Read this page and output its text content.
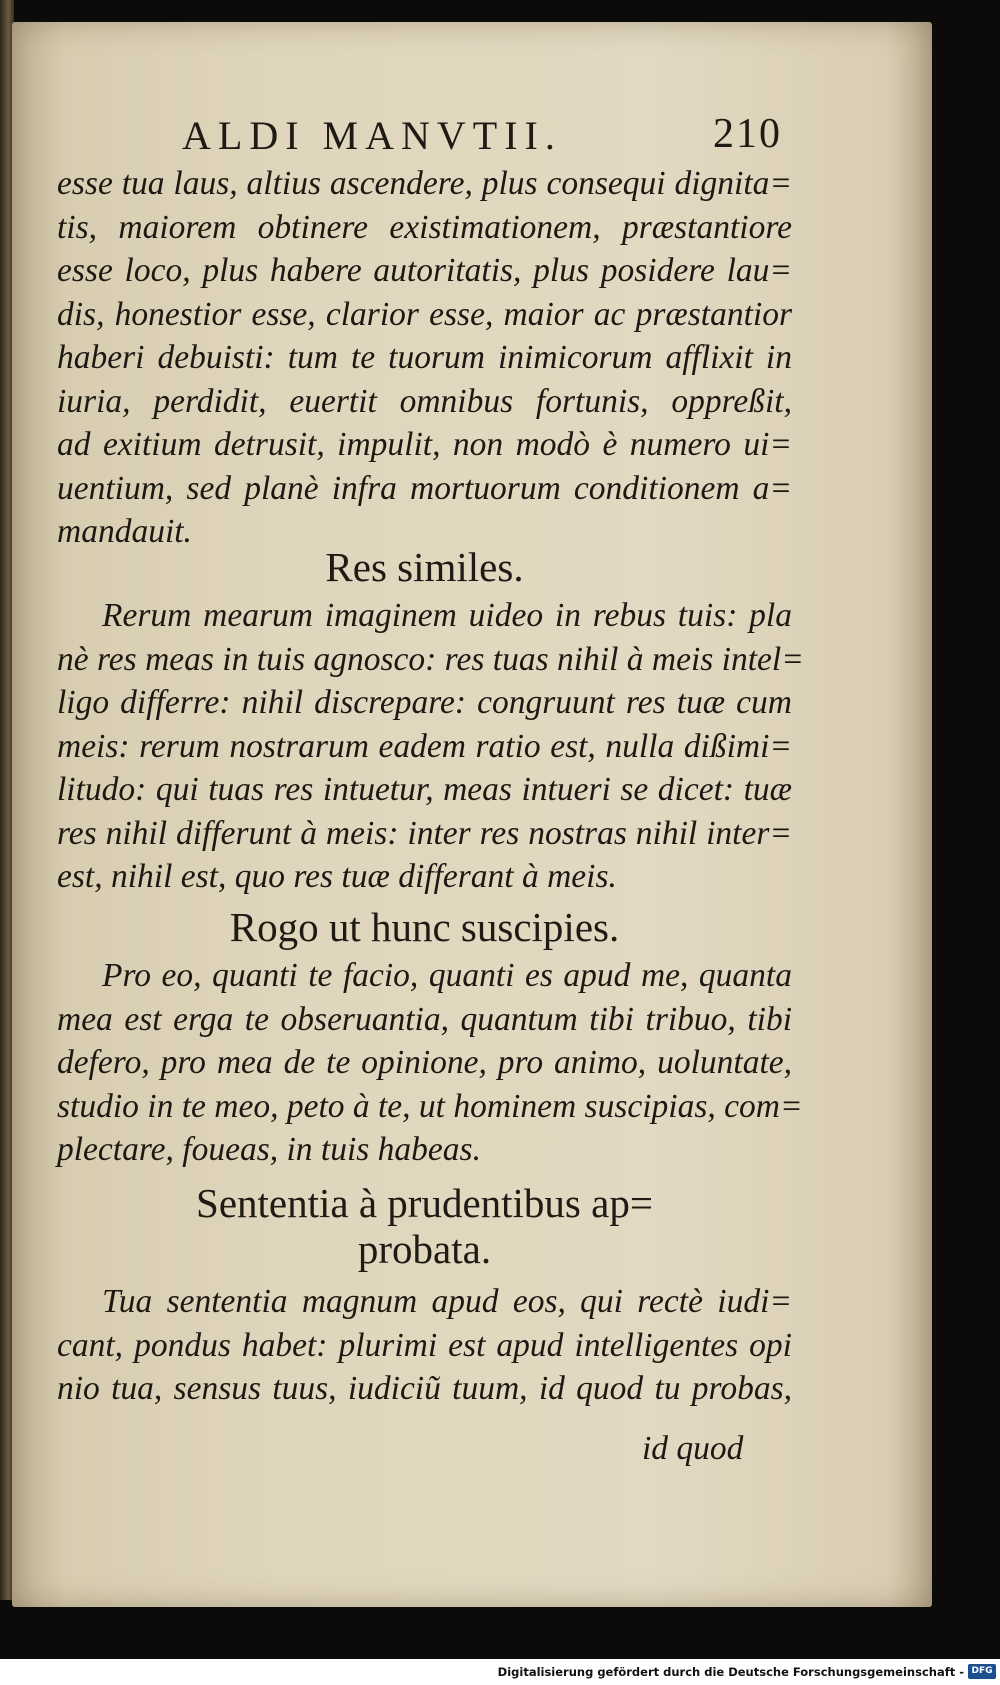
ALDI MANVTII.	210
esse tua laus, altius ascendere, plus consequi dignita=
tis, maiorem obtinere existimationem, præstantiore
esse loco, plus habere autoritatis, plus posidere lau=
dis, honestior esse, clarior esse, maior ac præstantior
haberi debuisti: tum te tuorum inimicorum afflixit in
iuria, perdidit, euertit omnibus fortunis, oppreßit,
ad exitium detrusit, impulit, non modò è numero ui=
uentium, sed planè infra mortuorum conditionem a=
mandauit.
Res similes.
Rerum mearum imaginem uideo in rebus tuis: pla
nè res meas in tuis agnosco: res tuas nihil à meis intel=
ligo differre: nihil discrepare: congruunt res tuæ cum
meis: rerum nostrarum eadem ratio est, nulla dißimi=
litudo: qui tuas res intuetur, meas intueri se dicet: tuæ
res nihil differunt à meis: inter res nostras nihil inter=
est, nihil est, quo res tuæ differant à meis.
Rogo ut hunc suscipies.
Pro eo, quanti te facio, quanti es apud me, quanta
mea est erga te obseruantia, quantum tibi tribuo, tibi
defero, pro mea de te opinione, pro animo, uoluntate,
studio in te meo, peto à te, ut hominem suscipias, com=
plectare, foueas, in tuis habeas.
Sententia à prudentibus ap=
probata.
Tua sententia magnum apud eos, qui rectè iudi=
cant, pondus habet: plurimi est apud intelligentes opi
nio tua, sensus tuus, iudiciũ tuum, id quod tu probas,
id quod
Digitalisierung gefördert durch die Deutsche Forschungsgemeinschaft - DFG
